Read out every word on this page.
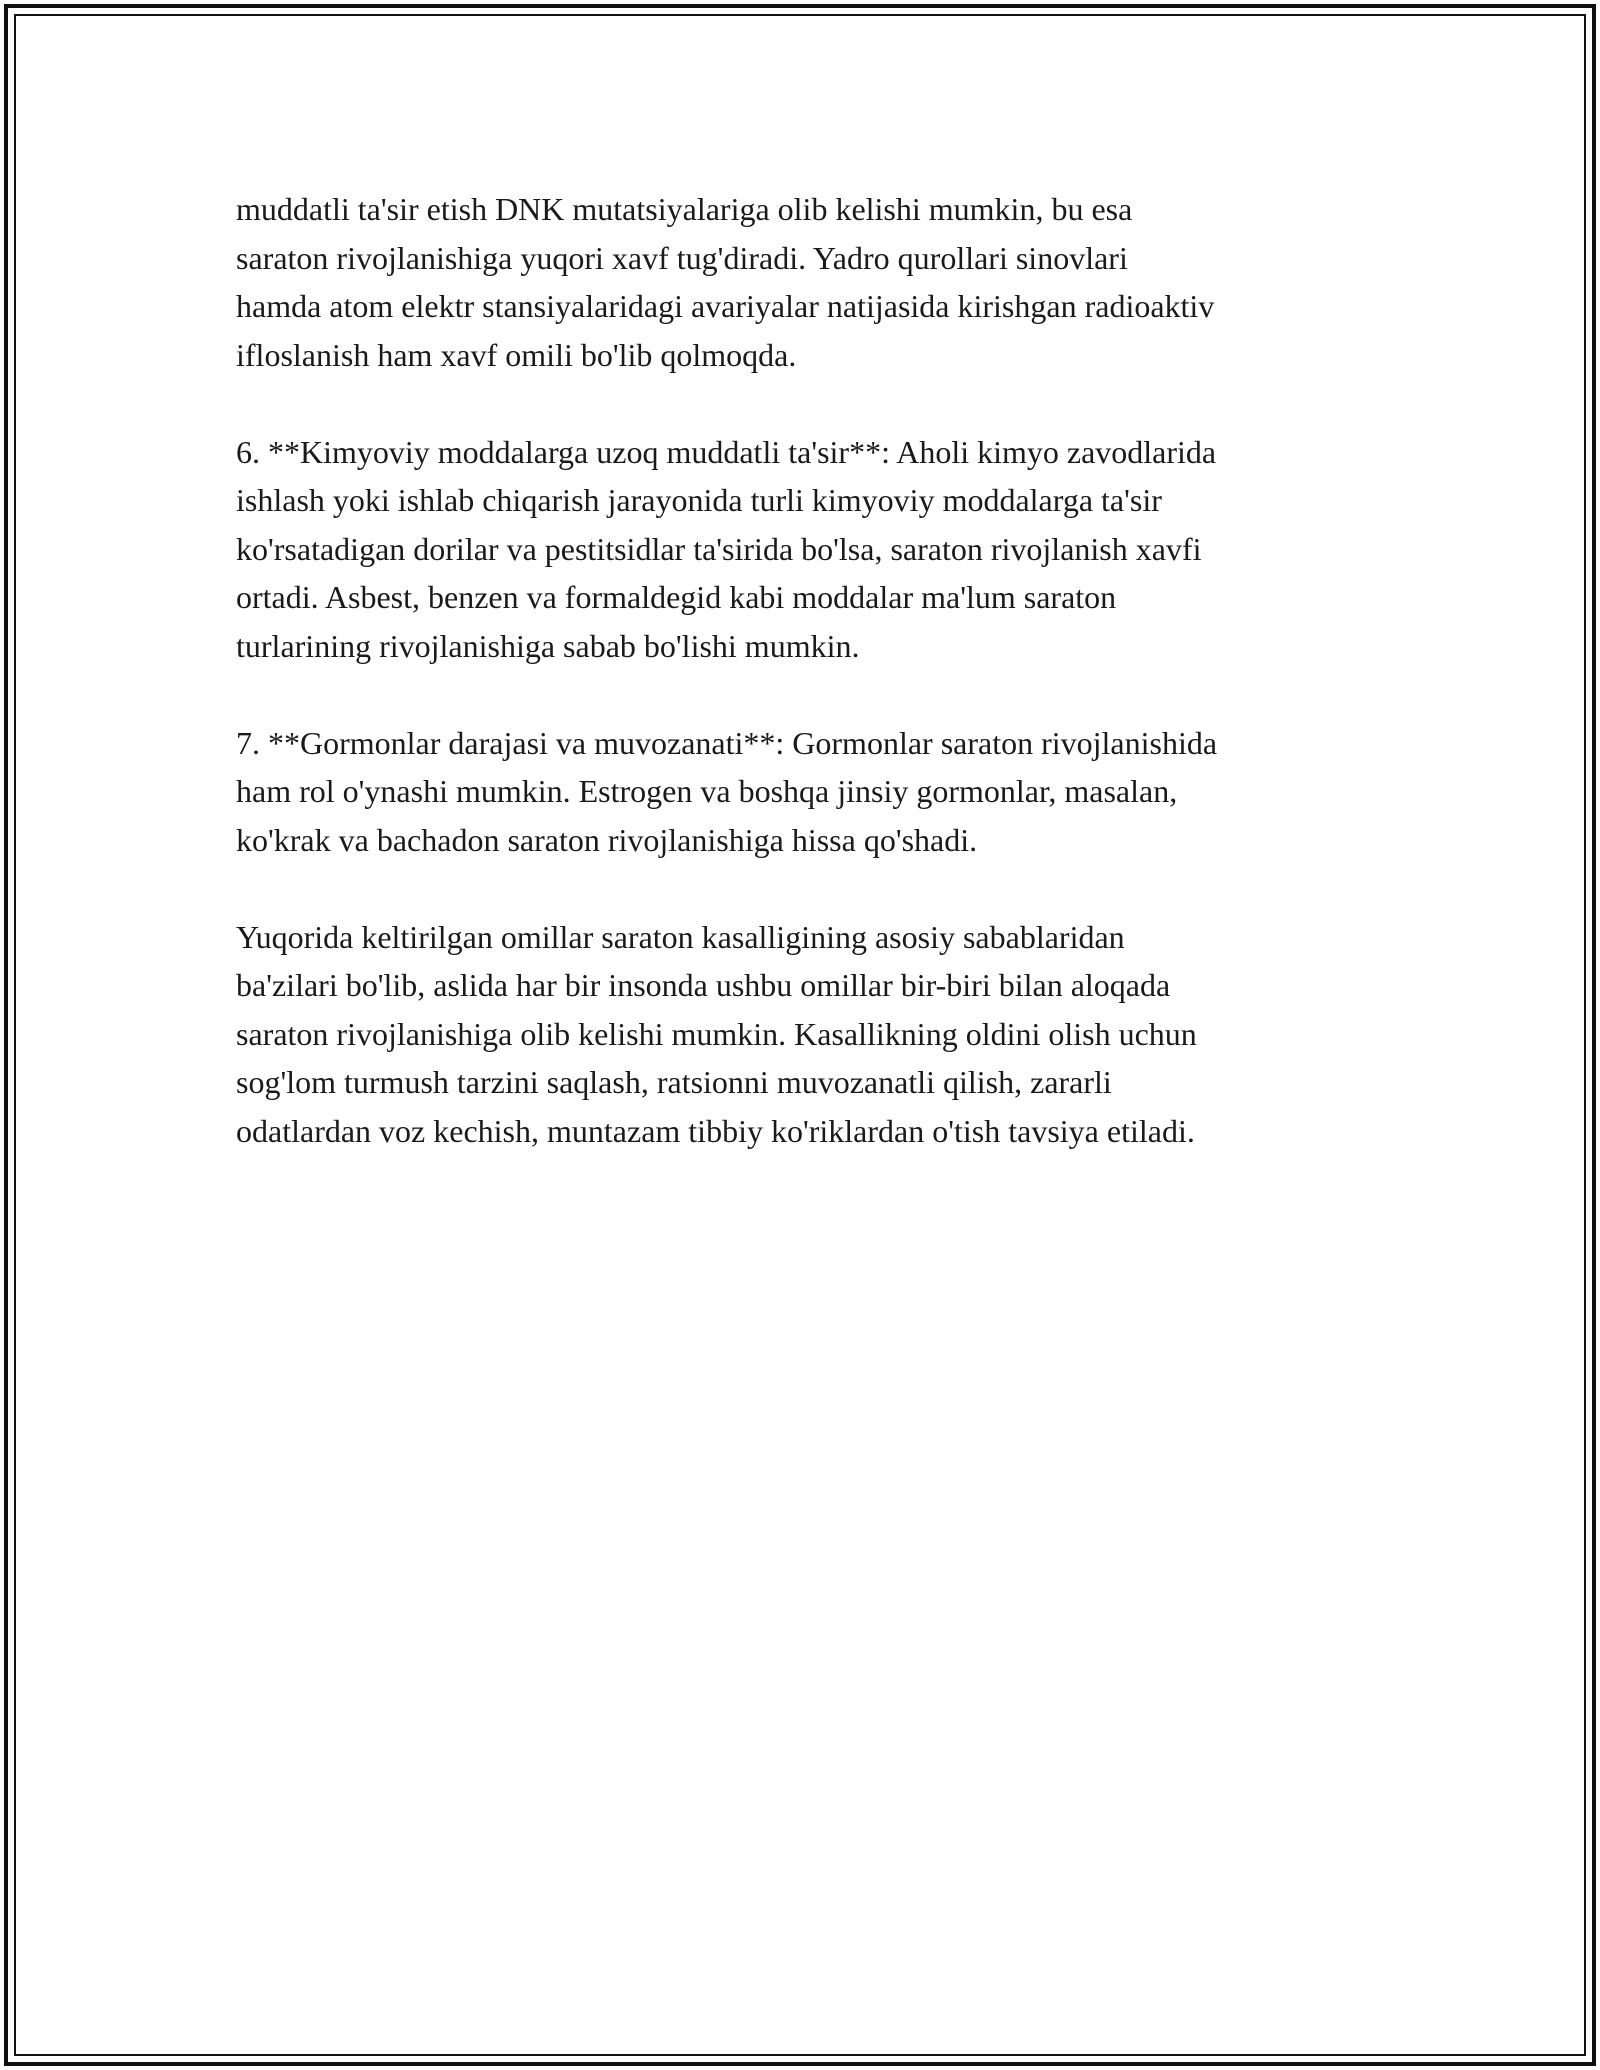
muddatli ta'sir etish DNK mutatsiyalariga olib kelishi mumkin, bu esa
saraton rivojlanishiga yuqori xavf tug'diradi. Yadro qurollari sinovlari
hamda atom elektr stansiyalaridagi avariyalar natijasida kirishgan radioaktiv
ifloslanish ham xavf omili bo'lib qolmoqda.

6. **Kimyoviy moddalarga uzoq muddatli ta'sir**: Aholi kimyo zavodlarida
ishlash yoki ishlab chiqarish jarayonida turli kimyoviy moddalarga ta'sir
ko'rsatadigan dorilar va pestitsidlar ta'sirida bo'lsa, saraton rivojlanish xavfi
ortadi. Asbest, benzen va formaldegid kabi moddalar ma'lum saraton
turlarining rivojlanishiga sabab bo'lishi mumkin.

7. **Gormonlar darajasi va muvozanati**: Gormonlar saraton rivojlanishida
ham rol o'ynashi mumkin. Estrogen va boshqa jinsiy gormonlar, masalan,
ko'krak va bachadon saraton rivojlanishiga hissa qo'shadi.

Yuqorida keltirilgan omillar saraton kasalligining asosiy sabablaridan
ba'zilari bo'lib, aslida har bir insonda ushbu omillar bir-biri bilan aloqada
saraton rivojlanishiga olib kelishi mumkin. Kasallikning oldini olish uchun
sog'lom turmush tarzini saqlash, ratsionni muvozanatli qilish, zararli
odatlardan voz kechish, muntazam tibbiy ko'riklardan o'tish tavsiya etiladi.
